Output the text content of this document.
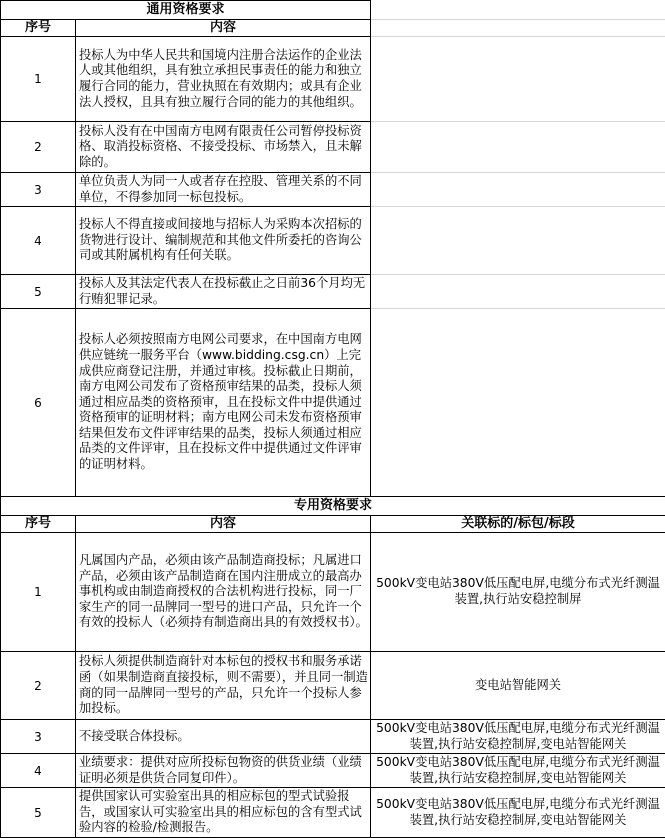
通用资格要求		
序号	内容	
1	投标人为中华人民共和国境内注册合法运作的企业法人或其他组织，具有独立承担民事责任的能力和独立履行合同的能力，营业执照在有效期内；或具有企业法人授权，且具有独立履行合同的能力的其他组织。	
2	投标人没有在中国南方电网有限责任公司暂停投标资格、取消投标资格、不接受投标、市场禁入，且未解除的。	
3	单位负责人为同一人或者存在控股、管理关系的不同单位，不得参加同一标包投标。	
4	投标人不得直接或间接地与招标人为采购本次招标的货物进行设计、编制规范和其他文件所委托的咨询公司或其附属机构有任何关联。	
5	投标人及其法定代表人在投标截止之日前36个月均无行贿犯罪记录。	
6	投标人必须按照南方电网公司要求，在中国南方电网供应链统一服务平台（www.bidding.csg.cn）上完成供应商登记注册，并通过审核。投标截止日期前，南方电网公司发布了资格预审结果的品类，投标人须通过相应品类的资格预审，且在投标文件中提供通过资格预审的证明材料；南方电网公司未发布资格预审结果但发布文件评审结果的品类，投标人须通过相应品类的文件评审，且在投标文件中提供通过文件评审的证明材料。	
专用资格要求		
序号	内容	关联标的/标包/标段
1	凡属国内产品，必须由该产品制造商投标；凡属进口产品，必须由该产品制造商在国内注册成立的最高办事机构或由制造商授权的合法机构进行投标，同一厂家生产的同一品牌同一型号的进口产品，只允许一个有效的投标人（必须持有制造商出具的有效授权书）。	500kV变电站380V低压配电屏,电缆分布式光纤测温装置,执行站安稳控制屏
2	投标人须提供制造商针对本标包的授权书和服务承诺函（如果制造商直接投标，则不需要），并且同一制造商的同一品牌同一型号的产品，只允许一个投标人参加投标。	变电站智能网关
3	不接受联合体投标。	500kV变电站380V低压配电屏,电缆分布式光纤测温装置,执行站安稳控制屏,变电站智能网关
4	业绩要求：提供对应所投标包物资的供货业绩（业绩证明必须是供货合同复印件）。	500kV变电站380V低压配电屏,电缆分布式光纤测温装置,执行站安稳控制屏,变电站智能网关
5	提供国家认可实验室出具的相应标包的型式试验报告，或国家认可实验室出具的相应标包的含有型式试验内容的检验/检测报告。	500kV变电站380V低压配电屏,电缆分布式光纤测温装置,执行站安稳控制屏,变电站智能网关
